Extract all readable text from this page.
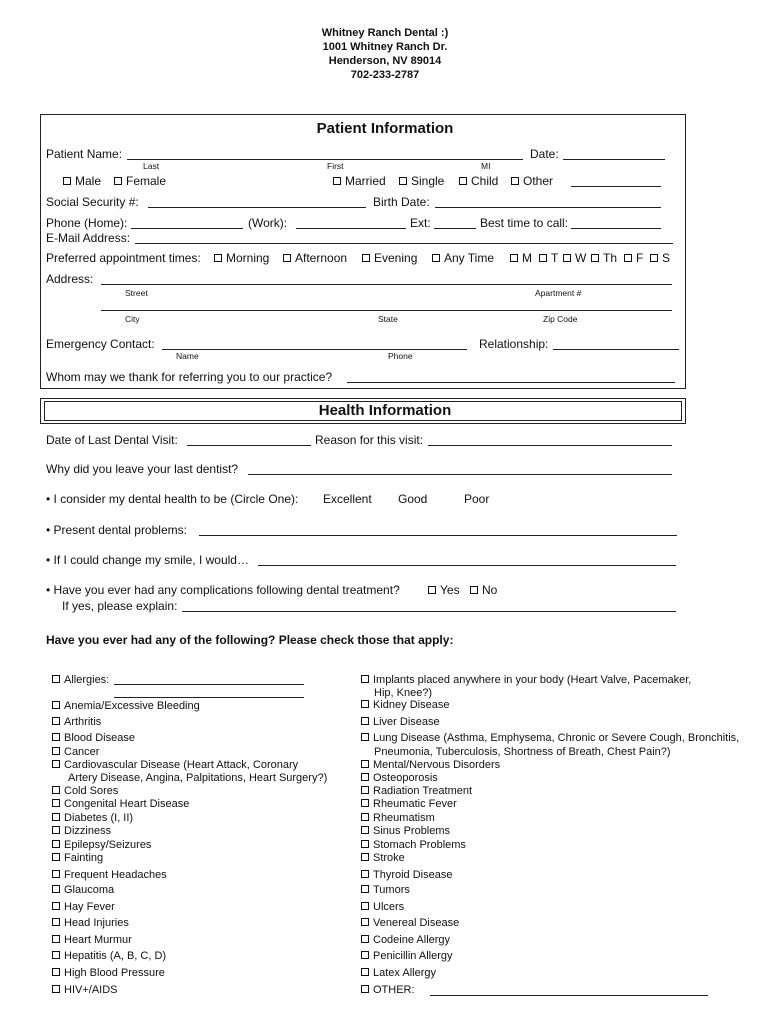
Whitney Ranch Dental :)
1001 Whitney Ranch Dr.
Henderson, NV 89014
702-233-2787
Patient Information
Patient Name:	Date:
Last	First	MI
Male	Female	Married	Single	Child	Other
Social Security #:	Birth Date:
Phone (Home):	(Work):	Ext:	Best time to call:
E-Mail Address:
Preferred appointment times:	Morning	Afternoon	Evening	Any Time	M	T	W	Th	F	S
Address:
Street	Apartment #
City	State	Zip Code
Emergency Contact:	Relationship:
Name	Phone
Whom may we thank for referring you to our practice?
Health Information
Date of Last Dental Visit:	Reason for this visit:
Why did you leave your last dentist?
• I consider my dental health to be (Circle One): Excellent Good	Poor
• Present dental problems:
• If I could change my smile, I would…
• Have you ever had any complications following dental treatment?	Yes	No
If yes, please explain:
Have you ever had any of the following? Please check those that apply:
Allergies:
Anemia/Excessive Bleeding
Arthritis
Blood Disease
Cancer
Cardiovascular Disease (Heart Attack, Coronary
Artery Disease, Angina, Palpitations, Heart Surgery?)
Cold Sores
Congenital Heart Disease
Diabetes (I, II)
Dizziness
Epilepsy/Seizures
Fainting
Frequent Headaches
Glaucoma
Hay Fever
Head Injuries
Heart Murmur
Hepatitis (A, B, C, D)
High Blood Pressure
HIV+/AIDS
Implants placed anywhere in your body (Heart Valve, Pacemaker,
Hip, Knee?)
Kidney Disease
Liver Disease
Lung Disease (Asthma, Emphysema, Chronic or Severe Cough, Bronchitis,
Pneumonia, Tuberculosis, Shortness of Breath, Chest Pain?)
Mental/Nervous Disorders
Osteoporosis
Radiation Treatment
Rheumatic Fever
Rheumatism
Sinus Problems
Stomach Problems
Stroke
Thyroid Disease
Tumors
Ulcers
Venereal Disease
Codeine Allergy
Penicillin Allergy
Latex Allergy
OTHER:
